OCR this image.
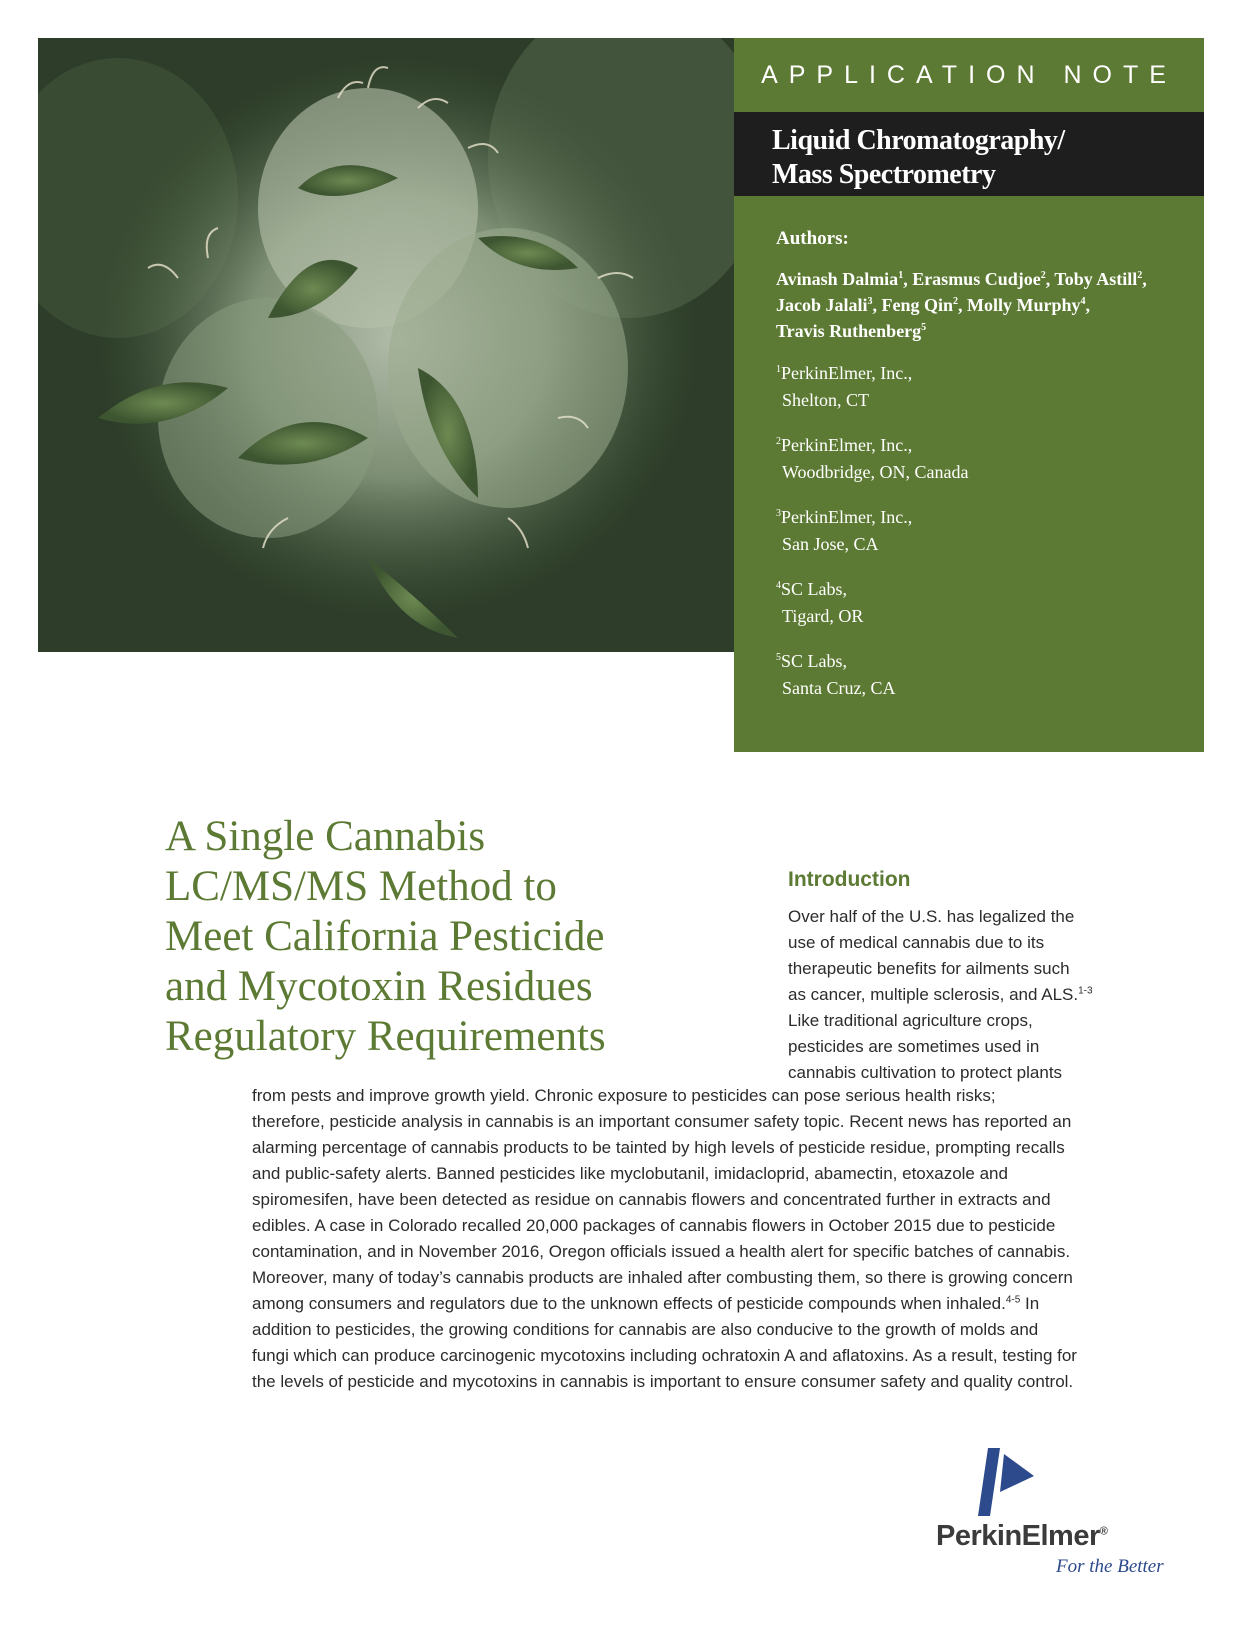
APPLICATION NOTE
Liquid Chromatography/
Mass Spectrometry
Authors:
Avinash Dalmia$^1$, Erasmus Cudjoe$^2$, Toby Astill$^2$,
Jacob Jalali$^3$, Feng Qin$^2$, Molly Murphy$^4$,
Travis Ruthenberg$^5$
$^1$PerkinElmer, Inc.,
Shelton, CT
$^2$PerkinElmer, Inc.,
Woodbridge, ON, Canada
$^3$PerkinElmer, Inc.,
San Jose, CA
$^4$SC Labs,
Tigard, OR
$^5$SC Labs,
Santa Cruz, CA
A Single Cannabis
LC/MS/MS Method to
Meet California Pesticide
and Mycotoxin Residues
Regulatory Requirements
Introduction
Over half of the U.S. has legalized the
use of medical cannabis due to its
therapeutic benefits for ailments such
as cancer, multiple sclerosis, and ALS.$^{1-3}$
Like traditional agriculture crops,
pesticides are sometimes used in
cannabis cultivation to protect plants
from pests and improve growth yield. Chronic exposure to pesticides can pose serious health risks;
therefore, pesticide analysis in cannabis is an important consumer safety topic. Recent news has reported an
alarming percentage of cannabis products to be tainted by high levels of pesticide residue, prompting recalls
and public-safety alerts. Banned pesticides like myclobutanil, imidacloprid, abamectin, etoxazole and
spiromesifen, have been detected as residue on cannabis flowers and concentrated further in extracts and
edibles. A case in Colorado recalled 20,000 packages of cannabis flowers in October 2015 due to pesticide
contamination, and in November 2016, Oregon officials issued a health alert for specific batches of cannabis.
Moreover, many of today’s cannabis products are inhaled after combusting them, so there is growing concern
among consumers and regulators due to the unknown effects of pesticide compounds when inhaled.$^{4-5}$ In
addition to pesticides, the growing conditions for cannabis are also conducive to the growth of molds and
fungi which can produce carcinogenic mycotoxins including ochratoxin A and aflatoxins. As a result, testing for
the levels of pesticide and mycotoxins in cannabis is important to ensure consumer safety and quality control.
PerkinElmer®
For the Better
